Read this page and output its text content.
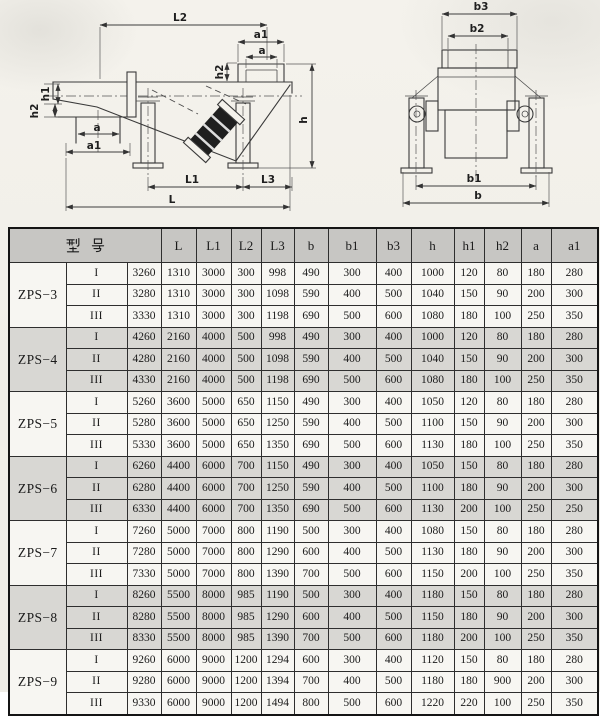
L2
a1
a
h2
h1
h2
a
a1
L1	L3
L
h
b3
b2
b1
b
	L	L1	L2	L3	b	b1	b3	h	h1	h2	a	a1
ZPS−3	I	3260	1310	3000	300	998	490	300	400	1000	120	80	180	280
	II	3280	1310	3000	300	1098	590	400	500	1040	150	90	200	300
	III	3330	1310	3000	300	1198	690	500	600	1080	180	100	250	350
ZPS−4	I	4260	2160	4000	500	998	490	300	400	1000	120	80	180	280
	II	4280	2160	4000	500	1098	590	400	500	1040	150	90	200	300
	III	4330	2160	4000	500	1198	690	500	600	1080	180	100	250	350
ZPS−5	I	5260	3600	5000	650	1150	490	300	400	1050	120	80	180	280
	II	5280	3600	5000	650	1250	590	400	500	1100	150	90	200	300
	III	5330	3600	5000	650	1350	690	500	600	1130	180	100	250	350
ZPS−6	I	6260	4400	6000	700	1150	490	300	400	1050	150	80	180	280
	II	6280	4400	6000	700	1250	590	400	500	1100	180	90	200	300
	III	6330	4400	6000	700	1350	690	500	600	1130	200	100	250	250
ZPS−7	I	7260	5000	7000	800	1190	500	300	400	1080	150	80	180	280
	II	7280	5000	7000	800	1290	600	400	500	1130	180	90	200	300
	III	7330	5000	7000	800	1390	700	500	600	1150	200	100	250	350
ZPS−8	I	8260	5500	8000	985	1190	500	300	400	1180	150	80	180	280
	II	8280	5500	8000	985	1290	600	400	500	1150	180	90	200	300
	III	8330	5500	8000	985	1390	700	500	600	1180	200	100	250	350
ZPS−9	I	9260	6000	9000	1200	1294	600	300	400	1120	150	80	180	280
	II	9280	6000	9000	1200	1394	700	400	500	1180	180	900	200	300
	III	9330	6000	9000	1200	1494	800	500	600	1220	220	100	250	350
